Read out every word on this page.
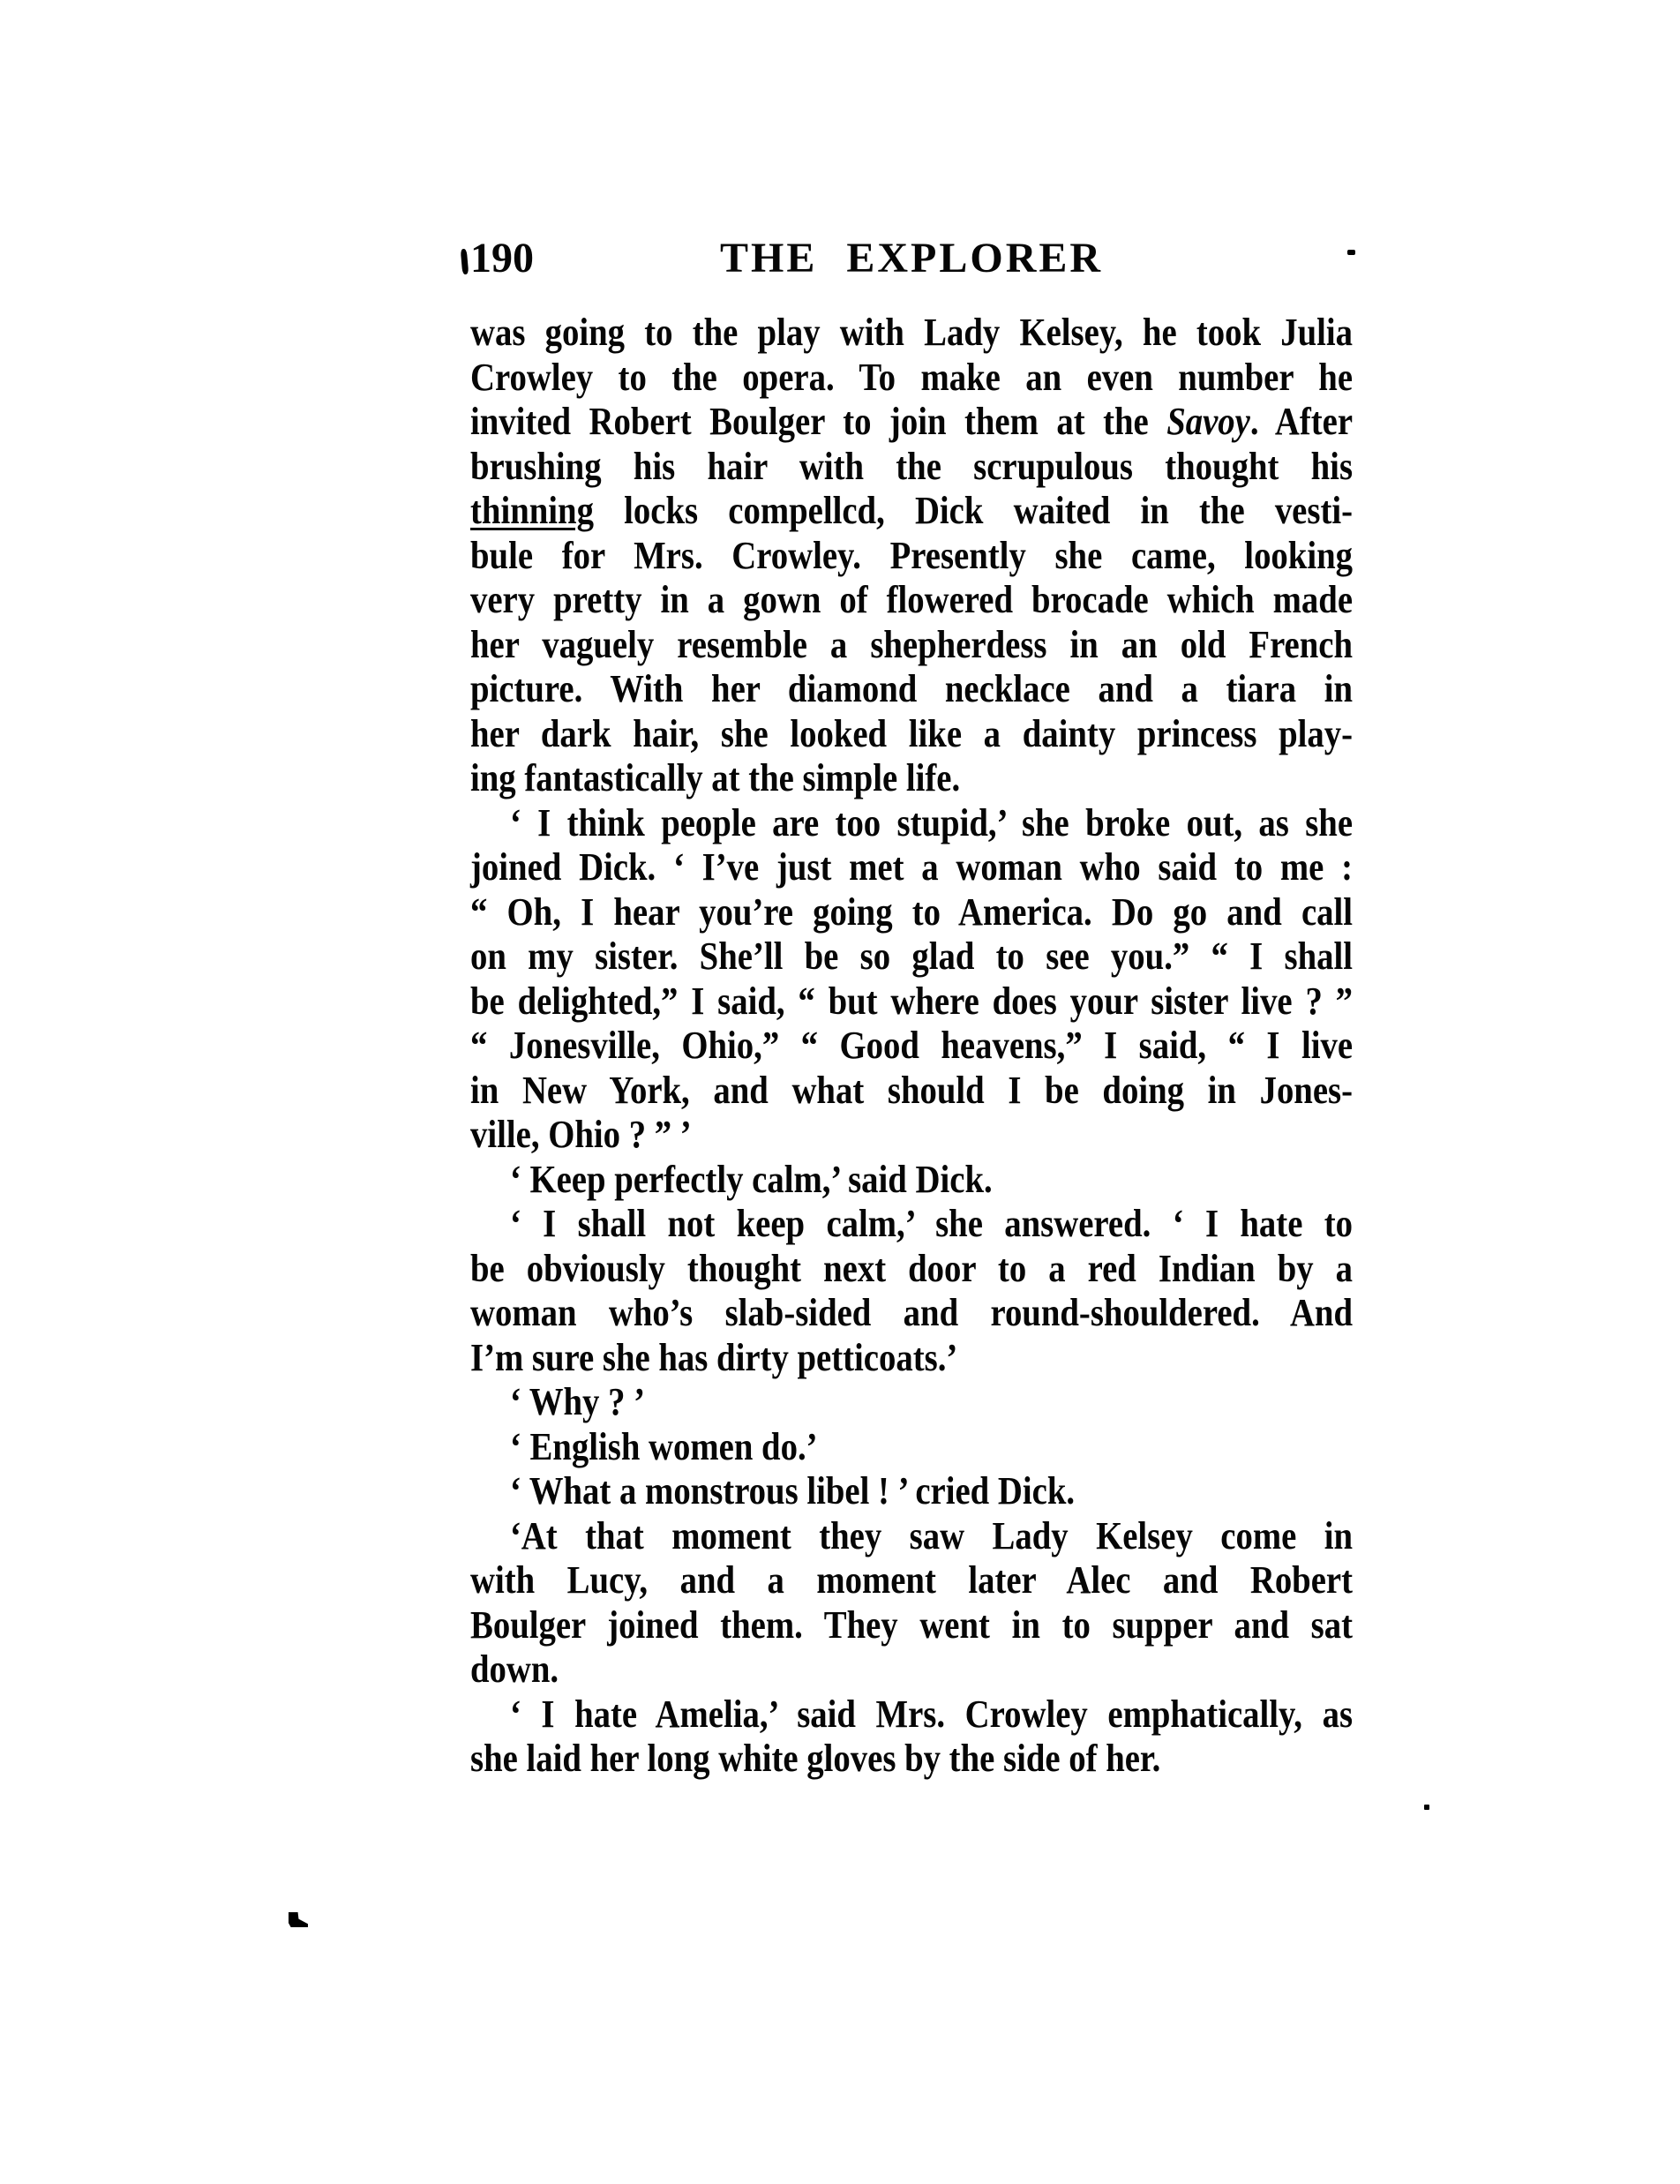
190	THE EXPLORER
was going to the play with Lady Kelsey, he took Julia
Crowley to the opera. To make an even number he
invited Robert Boulger to join them at the Savoy. After
brushing his hair with the scrupulous thought his
thinning locks compellcd, Dick waited in the vesti-
bule for Mrs. Crowley. Presently she came, looking
very pretty in a gown of flowered brocade which made
her vaguely resemble a shepherdess in an old French
picture. With her diamond necklace and a tiara in
her dark hair, she looked like a dainty princess play-
ing fantastically at the simple life.
‘ I think people are too stupid,’ she broke out, as she
joined Dick. ‘ I’ve just met a woman who said to me :
“ Oh, I hear you’re going to America. Do go and call
on my sister. She’ll be so glad to see you.” “ I shall
be delighted,” I said, “ but where does your sister live ? ”
“ Jonesville, Ohio,” “ Good heavens,” I said, “ I live
in New York, and what should I be doing in Jones-
ville, Ohio ? ” ’
‘ Keep perfectly calm,’ said Dick.
‘ I shall not keep calm,’ she answered. ‘ I hate to
be obviously thought next door to a red Indian by a
woman who’s slab-sided and round-shouldered. And
I’m sure she has dirty petticoats.’
‘ Why ? ’
‘ English women do.’
‘ What a monstrous libel ! ’ cried Dick.
‘At that moment they saw Lady Kelsey come in
with Lucy, and a moment later Alec and Robert
Boulger joined them. They went in to supper and sat
down.
‘ I hate Amelia,’ said Mrs. Crowley emphatically, as
she laid her long white gloves by the side of her.
